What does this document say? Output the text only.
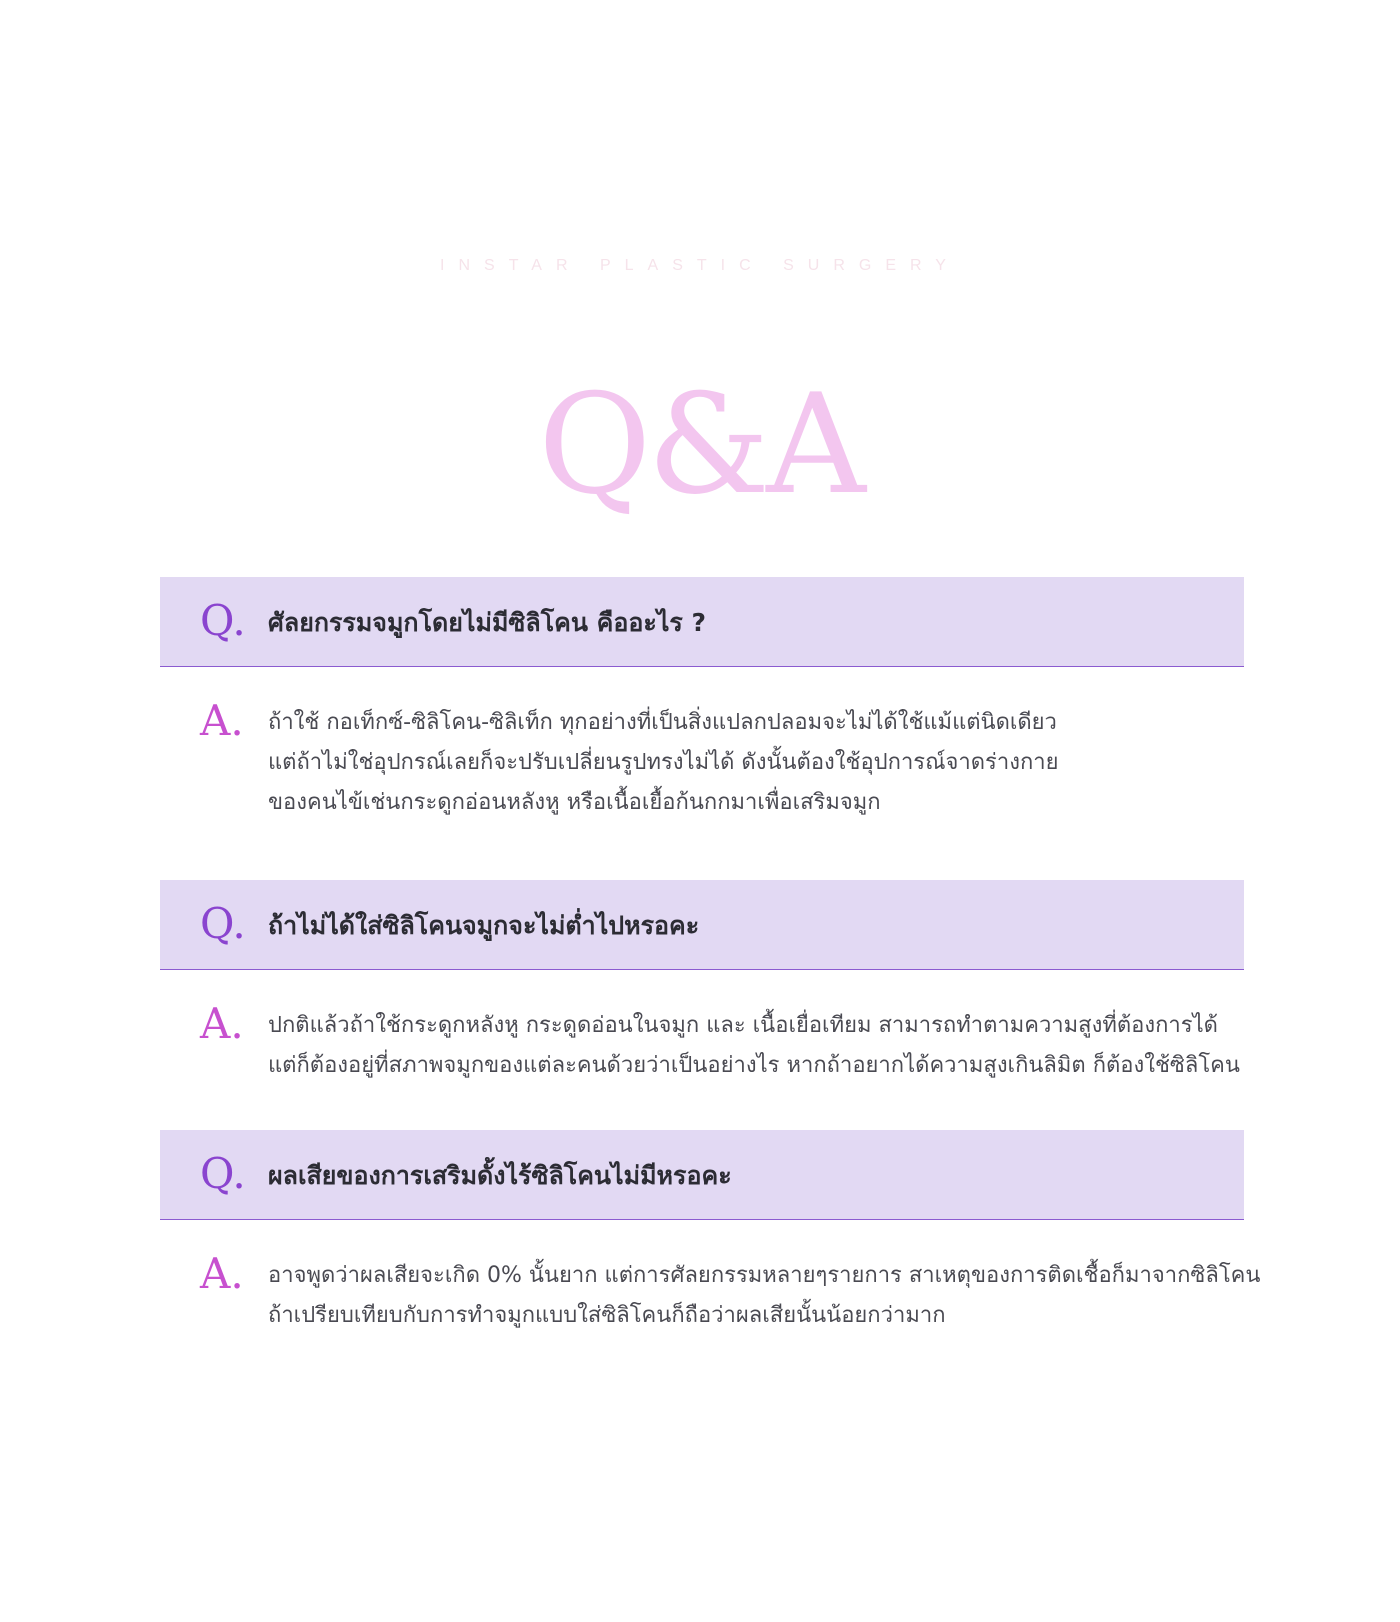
INSTAR PLASTIC SURGERY
Q&A
Q. ศัลยกรรมจมูกโดยไม่มีซิลิโคน คืออะไร ?
A. ถ้าใช้ กอเท็กซ์-ซิลิโคน-ซิลิเท็ก ทุกอย่างที่เป็นสิ่งแปลกปลอมจะไม่ได้ใช้แม้แต่นิดเดียว
แต่ถ้าไม่ใช่อุปกรณ์เลยก็จะปรับเปลี่ยนรูปทรงไม่ได้ ดังนั้นต้องใช้อุปการณ์จาดร่างกาย
ของคนไข้เช่นกระดูกอ่อนหลังหู หรือเนื้อเยื้อก้นกกมาเพื่อเสริมจมูก
Q. ถ้าไม่ได้ใส่ซิลิโคนจมูกจะไม่ต่ำไปหรอคะ
A. ปกติแล้วถ้าใช้กระดูกหลังหู กระดูดอ่อนในจมูก และ เนื้อเยื่อเทียม สามารถทำตามความสูงที่ต้องการได้
แต่ก็ต้องอยู่ที่สภาพจมูกของแต่ละคนด้วยว่าเป็นอย่างไร หากถ้าอยากได้ความสูงเกินลิมิต ก็ต้องใช้ซิลิโคน
Q. ผลเสียของการเสริมดั้งไร้ซิลิโคนไม่มีหรอคะ
A. อาจพูดว่าผลเสียจะเกิด 0% นั้นยาก แต่การศัลยกรรมหลายๆรายการ สาเหตุของการติดเชื้อก็มาจากซิลิโคน
ถ้าเปรียบเทียบกับการทำจมูกแบบใส่ซิลิโคนก็ถือว่าผลเสียนั้นน้อยกว่ามาก
